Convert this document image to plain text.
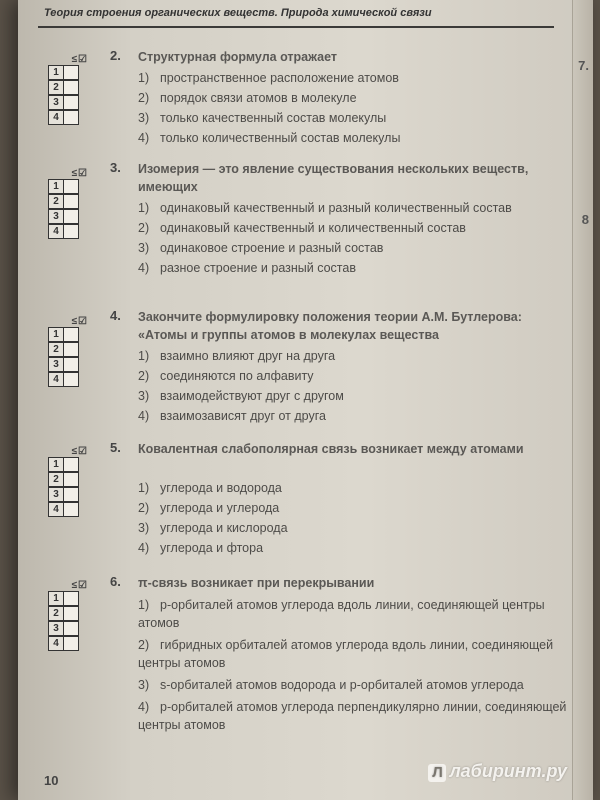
Теория строения органических веществ. Природа химической связи
7.
8
≤ ☑
1
2
3
4
2. Структурная формула отражает

1) пространственное расположение атомов

2) порядок связи атомов в молекуле

3) только качественный состав молекулы

4) только количественный состав молекулы

≤ ☑
1
2
3
4
3. Изомерия — это явление существования нескольких веществ, имеющих

1) одинаковый качественный и разный количественный состав

2) одинаковый качественный и количественный состав

3) одинаковое строение и разный состав

4) разное строение и разный состав

≤ ☑
1
2
3
4
4. Закончите формулировку положения теории А.М. Бутлерова: «Атомы и группы атомов в молекулах вещества

1) взаимно влияют друг на друга

2) соединяются по алфавиту

3) взаимодействуют друг с другом

4) взаимозависят друг от друга

≤ ☑
1
2
3
4
5. Ковалентная слабополярная связь возникает между атомами

1) углерода и водорода

2) углерода и углерода

3) углерода и кислорода

4) углерода и фтора

≤ ☑
1
2
3
4
6. π-связь возникает при перекрывании

1) p-орбиталей атомов углерода вдоль линии, соединяющей центры атомов

2) гибридных орбиталей атомов углерода вдоль линии, соединяющей центры атомов

3) s-орбиталей атомов водорода и p-орбиталей атомов углерода

4) p-орбиталей атомов углерода перпендикулярно линии, соединяющей центры атомов

10	Л лабиринт.ру
